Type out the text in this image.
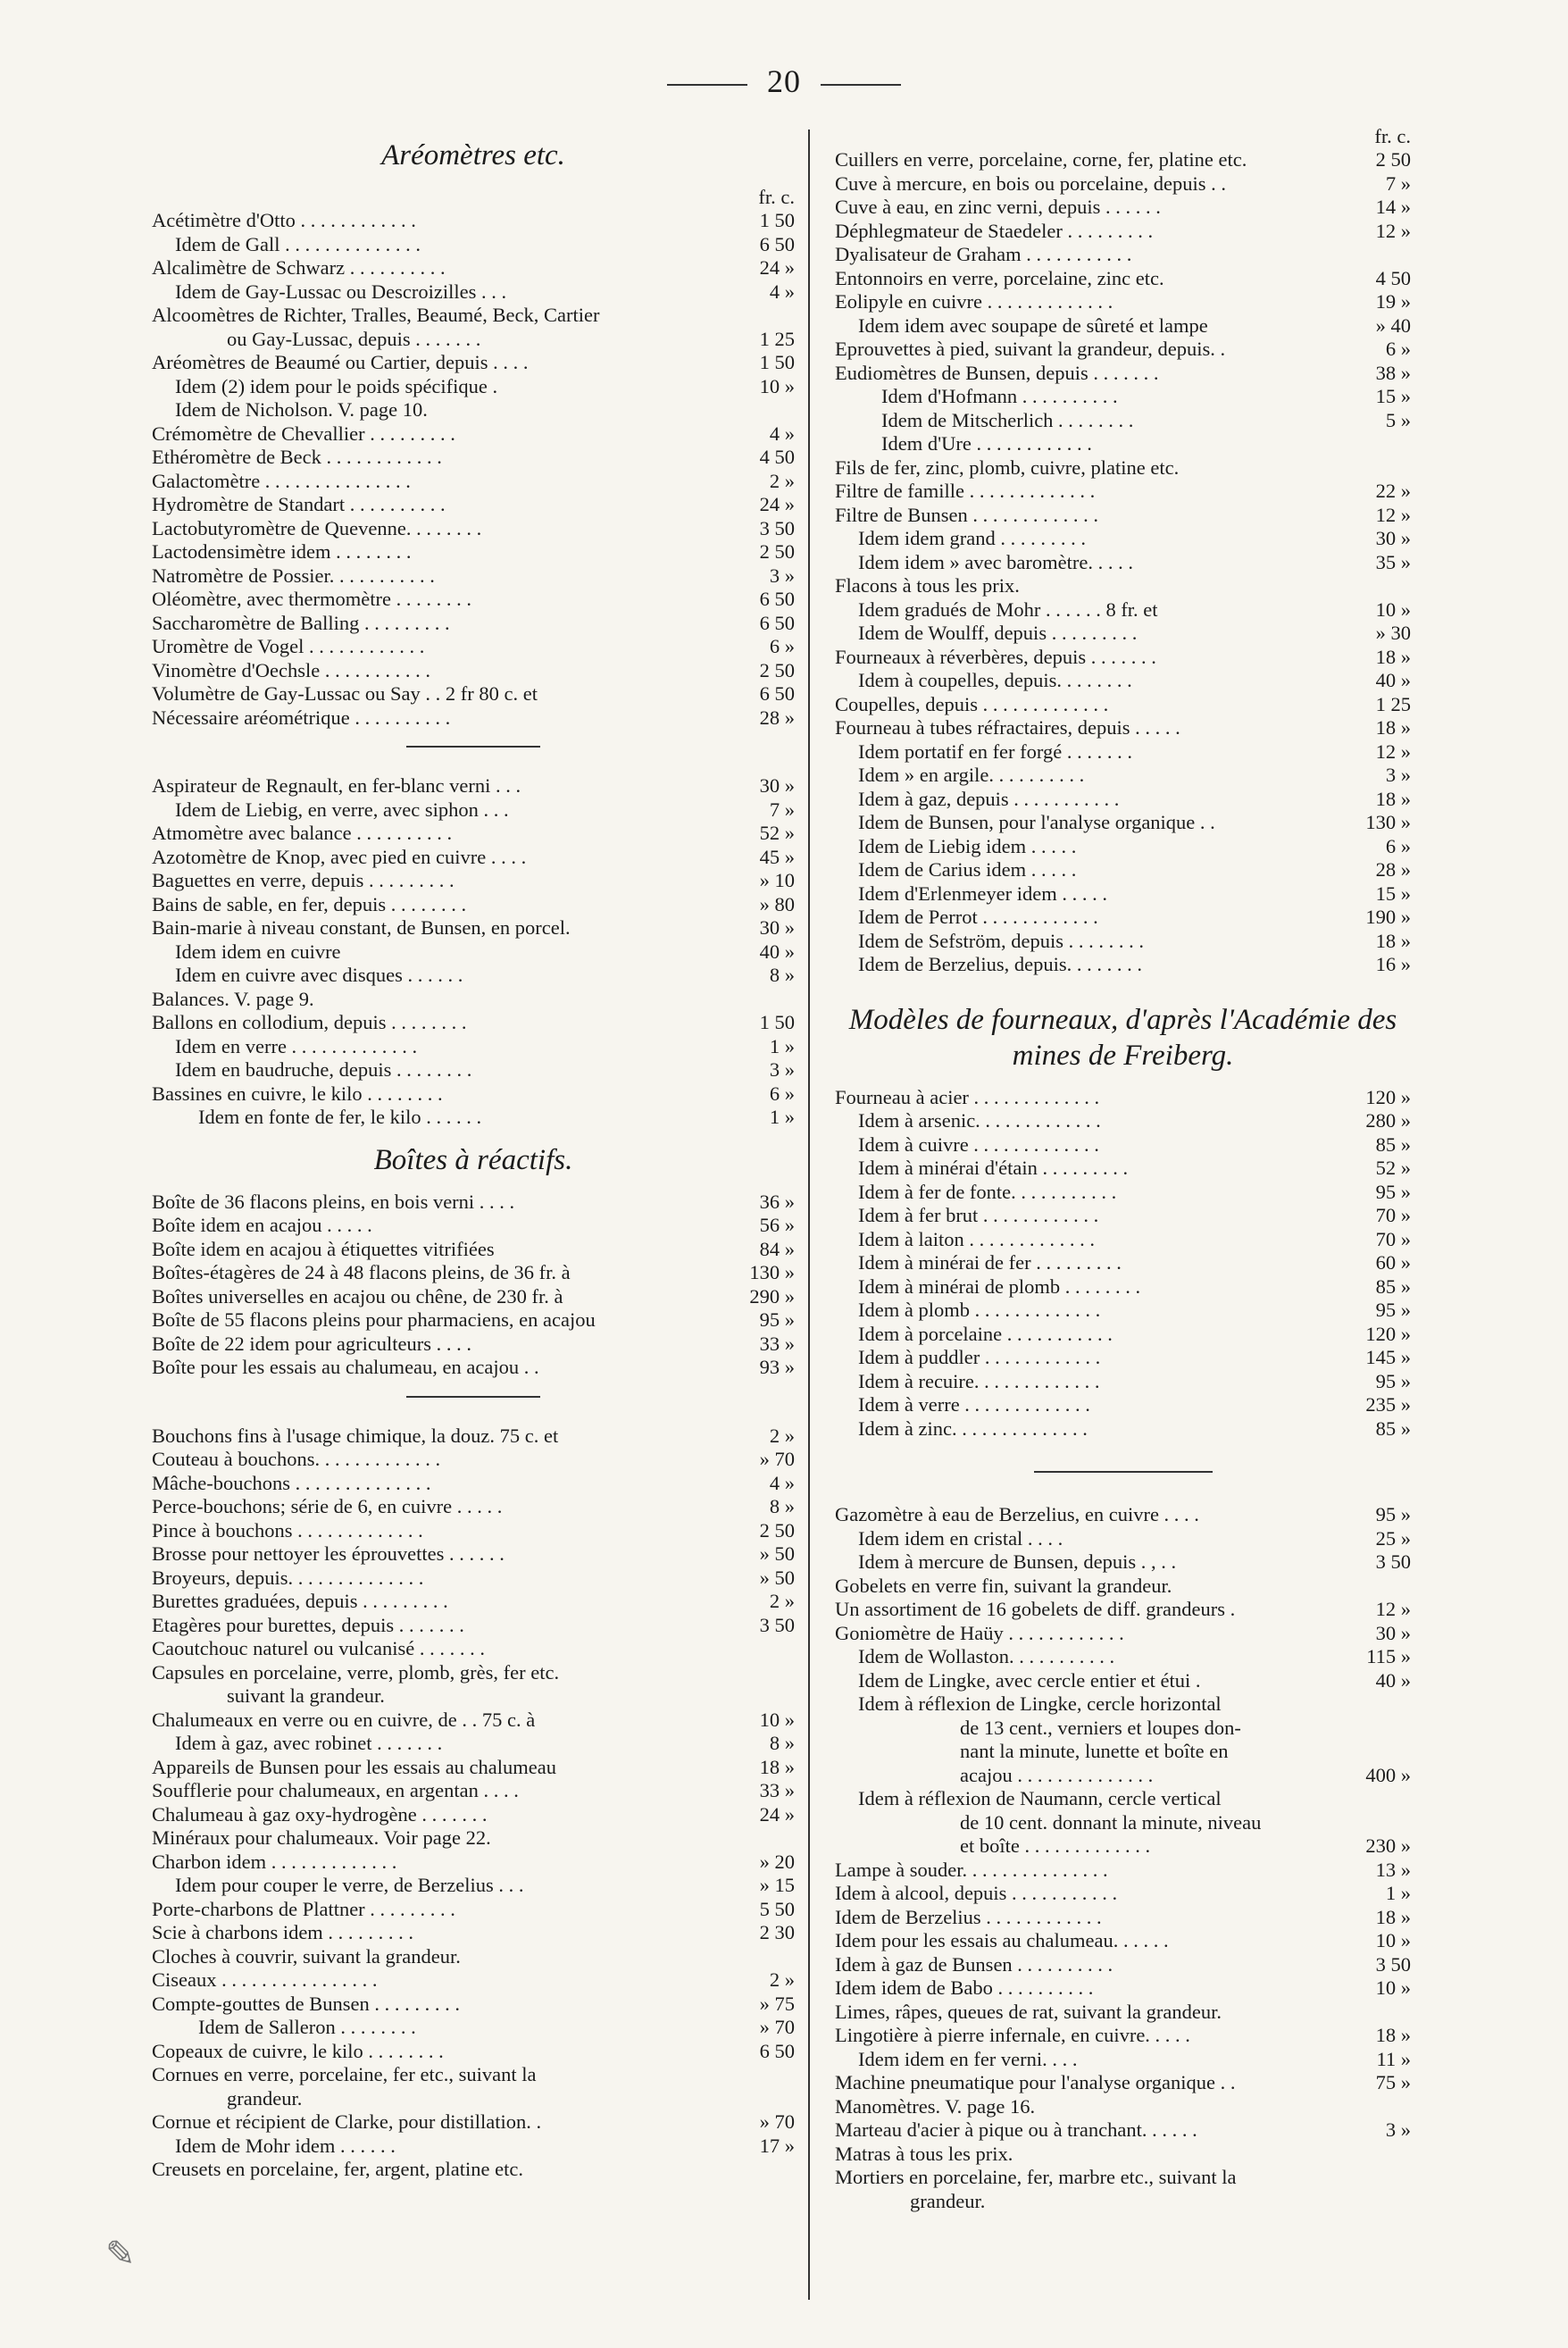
20
Aréomètres etc.
fr. c.
Acétimètre d'Otto . . . . . . . . . . . .	1 50
Idem de Gall . . . . . . . . . . . . . .	6 50
Alcalimètre de Schwarz . . . . . . . . . .	24 »
Idem de Gay-Lussac ou Descroizilles . . .	4 »
Alcoomètres de Richter, Tralles, Beaumé, Beck, Cartier
ou Gay-Lussac, depuis . . . . . . .	1 25
Aréomètres de Beaumé ou Cartier, depuis . . . .	1 50
Idem (2) idem pour le poids spécifique .	10 »
Idem de Nicholson. V. page 10.
Crémomètre de Chevallier . . . . . . . . .	4 »
Ethéromètre de Beck . . . . . . . . . . . .	4 50
Galactomètre . . . . . . . . . . . . . . .	2 »
Hydromètre de Standart . . . . . . . . . .	24 »
Lactobutyromètre de Quevenne. . . . . . . .	3 50
Lactodensimètre idem . . . . . . . .	2 50
Natromètre de Possier. . . . . . . . . . .	3 »
Oléomètre, avec thermomètre . . . . . . . .	6 50
Saccharomètre de Balling . . . . . . . . .	6 50
Uromètre de Vogel . . . . . . . . . . . .	6 »
Vinomètre d'Oechsle . . . . . . . . . . .	2 50
Volumètre de Gay-Lussac ou Say . . 2 fr 80 c. et	6 50
Nécessaire aréométrique . . . . . . . . . .	28 »
Aspirateur de Regnault, en fer-blanc verni . . .	30 »
Idem de Liebig, en verre, avec siphon . . .	7 »
Atmomètre avec balance . . . . . . . . . .	52 »
Azotomètre de Knop, avec pied en cuivre . . . .	45 »
Baguettes en verre, depuis . . . . . . . . .	» 10
Bains de sable, en fer, depuis . . . . . . . .	» 80
Bain-marie à niveau constant, de Bunsen, en porcel.	30 »
Idem idem en cuivre	40 »
Idem en cuivre avec disques . . . . . .	8 »
Balances. V. page 9.
Ballons en collodium, depuis . . . . . . . .	1 50
Idem en verre . . . . . . . . . . . . .	1 »
Idem en baudruche, depuis . . . . . . . .	3 »
Bassines en cuivre, le kilo . . . . . . . .	6 »
Idem en fonte de fer, le kilo . . . . . .	1 »
Boîtes à réactifs.
Boîte de 36 flacons pleins, en bois verni . . . .	36 »
Boîte idem en acajou . . . . .	56 »
Boîte idem en acajou à étiquettes vitrifiées	84 »
Boîtes-étagères de 24 à 48 flacons pleins, de 36 fr. à	130 »
Boîtes universelles en acajou ou chêne, de 230 fr. à	290 »
Boîte de 55 flacons pleins pour pharmaciens, en acajou	95 »
Boîte de 22 idem pour agriculteurs . . . .	33 »
Boîte pour les essais au chalumeau, en acajou . .	93 »
Bouchons fins à l'usage chimique, la douz. 75 c. et	2 »
Couteau à bouchons. . . . . . . . . . . . .	» 70
Mâche-bouchons . . . . . . . . . . . . . .	4 »
Perce-bouchons; série de 6, en cuivre . . . . .	8 »
Pince à bouchons . . . . . . . . . . . . .	2 50
Brosse pour nettoyer les éprouvettes . . . . . .	» 50
Broyeurs, depuis. . . . . . . . . . . . . .	» 50
Burettes graduées, depuis . . . . . . . . .	2 »
Etagères pour burettes, depuis . . . . . . .	3 50
Caoutchouc naturel ou vulcanisé . . . . . . .
Capsules en porcelaine, verre, plomb, grès, fer etc.
suivant la grandeur.
Chalumeaux en verre ou en cuivre, de . . 75 c. à	10 »
Idem à gaz, avec robinet . . . . . . .	8 »
Appareils de Bunsen pour les essais au chalumeau	18 »
Soufflerie pour chalumeaux, en argentan . . . .	33 »
Chalumeau à gaz oxy-hydrogène . . . . . . .	24 »
Minéraux pour chalumeaux. Voir page 22.
Charbon idem . . . . . . . . . . . . .	» 20
Idem pour couper le verre, de Berzelius . . .	» 15
Porte-charbons de Plattner . . . . . . . . .	5 50
Scie à charbons idem . . . . . . . . .	2 30
Cloches à couvrir, suivant la grandeur.
Ciseaux . . . . . . . . . . . . . . . .	2 »
Compte-gouttes de Bunsen . . . . . . . . .	» 75
Idem de Salleron . . . . . . . .	» 70
Copeaux de cuivre, le kilo . . . . . . . .	6 50
Cornues en verre, porcelaine, fer etc., suivant la
grandeur.
Cornue et récipient de Clarke, pour distillation. .	» 70
Idem de Mohr idem . . . . . .	17 »
Creusets en porcelaine, fer, argent, platine etc.
fr. c.
Cuillers en verre, porcelaine, corne, fer, platine etc.	2 50
Cuve à mercure, en bois ou porcelaine, depuis . .	7 »
Cuve à eau, en zinc verni, depuis . . . . . .	14 »
Déphlegmateur de Staedeler . . . . . . . . .	12 »
Dyalisateur de Graham . . . . . . . . . . .
Entonnoirs en verre, porcelaine, zinc etc.	4 50
Eolipyle en cuivre . . . . . . . . . . . . .	19 »
Idem idem avec soupape de sûreté et lampe	» 40
Eprouvettes à pied, suivant la grandeur, depuis. .	6 »
Eudiomètres de Bunsen, depuis . . . . . . .	38 »
Idem d'Hofmann . . . . . . . . . .	15 »
Idem de Mitscherlich . . . . . . . .	5 »
Idem d'Ure . . . . . . . . . . . .
Fils de fer, zinc, plomb, cuivre, platine etc.
Filtre de famille . . . . . . . . . . . . .	22 »
Filtre de Bunsen . . . . . . . . . . . . .	12 »
Idem idem grand . . . . . . . . .	30 »
Idem idem » avec baromètre. . . . .	35 »
Flacons à tous les prix.
Idem gradués de Mohr . . . . . . 8 fr. et	10 »
Idem de Woulff, depuis . . . . . . . . .	» 30
Fourneaux à réverbères, depuis . . . . . . .	18 »
Idem à coupelles, depuis. . . . . . . .	40 »
Coupelles, depuis . . . . . . . . . . . . .	1 25
Fourneau à tubes réfractaires, depuis . . . . .	18 »
Idem portatif en fer forgé . . . . . . .	12 »
Idem » en argile. . . . . . . . . .	3 »
Idem à gaz, depuis . . . . . . . . . . .	18 »
Idem de Bunsen, pour l'analyse organique . .	130 »
Idem de Liebig idem . . . . .	6 »
Idem de Carius idem . . . . .	28 »
Idem d'Erlenmeyer idem . . . . .	15 »
Idem de Perrot . . . . . . . . . . . .	190 »
Idem de Sefström, depuis . . . . . . . .	18 »
Idem de Berzelius, depuis. . . . . . . .	16 »
Modèles de fourneaux, d'après l'Académie des mines de Freiberg.
Fourneau à acier . . . . . . . . . . . . .	120 »
Idem à arsenic. . . . . . . . . . . . .	280 »
Idem à cuivre . . . . . . . . . . . . .	85 »
Idem à minérai d'étain . . . . . . . . .	52 »
Idem à fer de fonte. . . . . . . . . . .	95 »
Idem à fer brut . . . . . . . . . . . .	70 »
Idem à laiton . . . . . . . . . . . . .	70 »
Idem à minérai de fer . . . . . . . . .	60 »
Idem à minérai de plomb . . . . . . . .	85 »
Idem à plomb . . . . . . . . . . . . .	95 »
Idem à porcelaine . . . . . . . . . . .	120 »
Idem à puddler . . . . . . . . . . . .	145 »
Idem à recuire. . . . . . . . . . . . .	95 »
Idem à verre . . . . . . . . . . . . .	235 »
Idem à zinc. . . . . . . . . . . . . .	85 »
Gazomètre à eau de Berzelius, en cuivre . . . .	95 »
Idem idem en cristal . . . .	25 »
Idem à mercure de Bunsen, depuis . , . .	3 50
Gobelets en verre fin, suivant la grandeur.
Un assortiment de 16 gobelets de diff. grandeurs .	12 »
Goniomètre de Haüy . . . . . . . . . . . .	30 »
Idem de Wollaston. . . . . . . . . . .	115 »
Idem de Lingke, avec cercle entier et étui .	40 »
Idem à réflexion de Lingke, cercle horizontal
de 13 cent., verniers et loupes don-
nant la minute, lunette et boîte en
acajou . . . . . . . . . . . . . .	400 »
Idem à réflexion de Naumann, cercle vertical
de 10 cent. donnant la minute, niveau
et boîte . . . . . . . . . . . . .	230 »
Lampe à souder. . . . . . . . . . . . . . .	13 »
Idem à alcool, depuis . . . . . . . . . . .	1 »
Idem de Berzelius . . . . . . . . . . . .	18 »
Idem pour les essais au chalumeau. . . . . .	10 »
Idem à gaz de Bunsen . . . . . . . . . .	3 50
Idem idem de Babo . . . . . . . . . .	10 »
Limes, râpes, queues de rat, suivant la grandeur.
Lingotière à pierre infernale, en cuivre. . . . .	18 »
Idem idem en fer verni. . . .	11 »
Machine pneumatique pour l'analyse organique . .	75 »
Manomètres. V. page 16.
Marteau d'acier à pique ou à tranchant. . . . . .	3 »
Matras à tous les prix.
Mortiers en porcelaine, fer, marbre etc., suivant la
grandeur.
✎
